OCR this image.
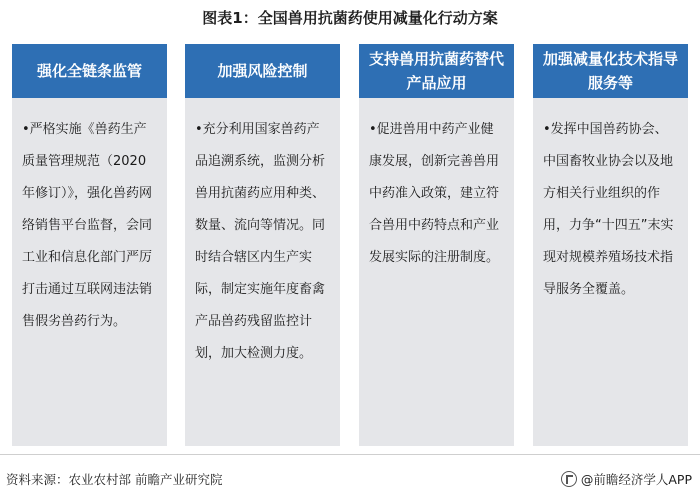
图表1：全国兽用抗菌药使用减量化行动方案
强化全链条监管
•严格实施《兽药生产质量管理规范（2020年修订）》，强化兽药网络销售平台监督，会同工业和信息化部门严厉打击通过互联网违法销售假劣兽药行为。
加强风险控制
•充分利用国家兽药产品追溯系统，监测分析兽用抗菌药应用种类、数量、流向等情况。同时结合辖区内生产实际，制定实施年度畜禽产品兽药残留监控计划，加大检测力度。
支持兽用抗菌药替代产品应用
•促进兽用中药产业健康发展，创新完善兽用中药准入政策，建立符合兽用中药特点和产业发展实际的注册制度。
加强减量化技术指导服务等
•发挥中国兽药协会、中国畜牧业协会以及地方相关行业组织的作用，力争“十四五”末实现对规模养殖场技术指导服务全覆盖。
资料来源：农业农村部 前瞻产业研究院	@前瞻经济学人APP
